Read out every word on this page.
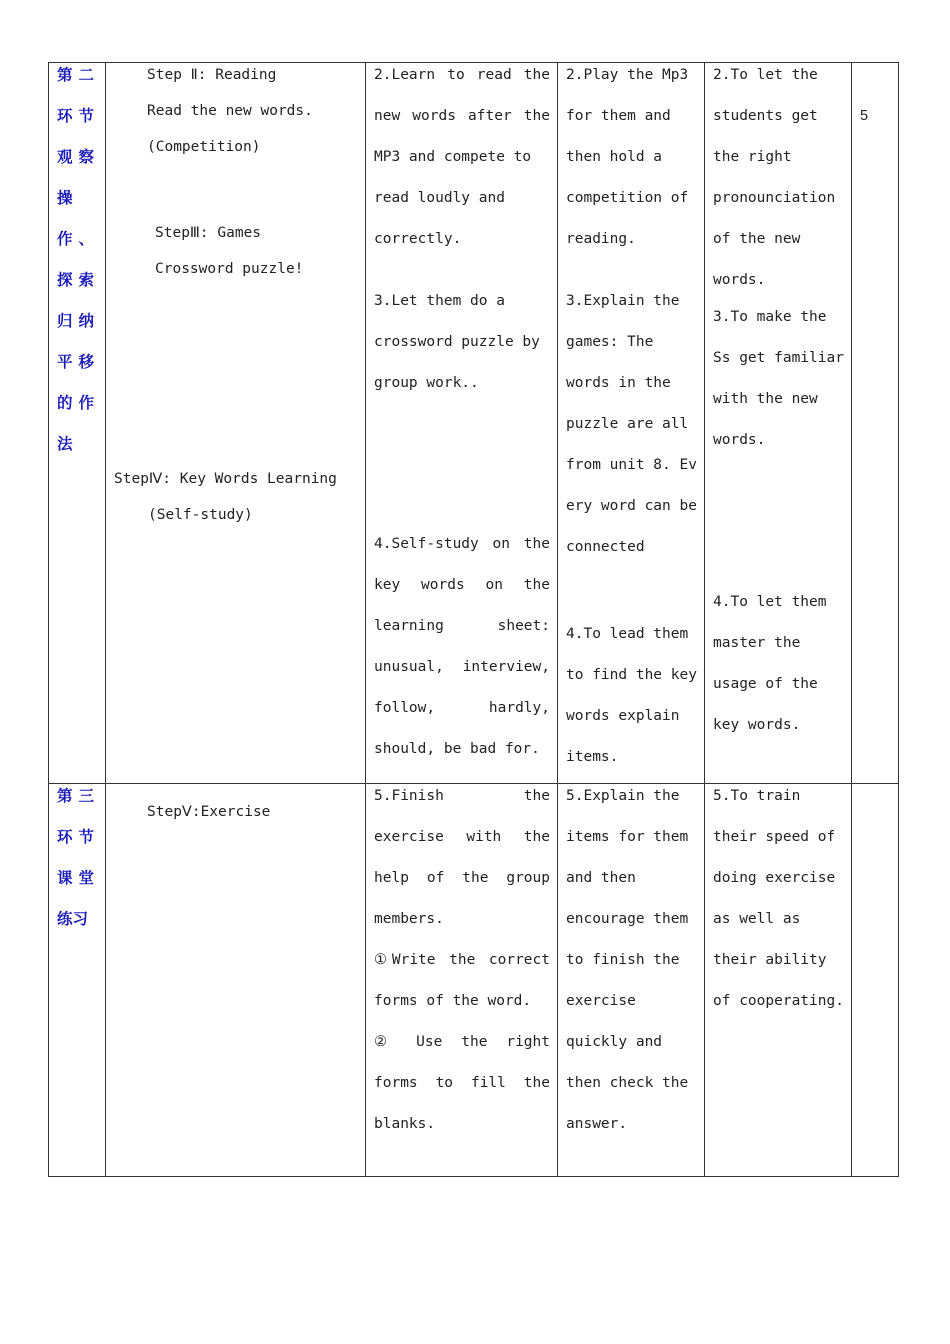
第 二
环 节
观 察
操
作 、
探 索
归 纳
平 移
的 作
法

Step Ⅱ: Reading

Read the new words.

(Competition)

StepⅢ: Games

Crossword puzzle!

StepⅣ: Key Words Learning

(Self-study)

2.Learn to read the

new words after the

MP3 and compete to

read loudly and

correctly.

3.Let them do a

crossword puzzle by

group work..

4.Self-study on the

key words on the

learning sheet:

unusual, interview,

follow, hardly,

should, be bad for.

2.Play the Mp3

for them and

then hold a

competition of

reading.

3.Explain the

games: The

words in the

puzzle are all

from unit 8. Ev

ery word can be

connected

4.To lead them

to find the key

words explain

items.

2.To let the

students get

the right

pronounciation

of the new

words.

3.To make the

Ss get familiar

with the new

words.

4.To let them

master the

usage of the

key words.

5

第 三
环 节
课 堂
练习

StepⅤ:Exercise

5.Finish the

exercise with the

help of the group

members.

①Write the correct

forms of the word.

② Use the right

forms to fill the

blanks.

5.Explain the

items for them

and then

encourage them

to finish the

exercise

quickly and

then check the

answer.

5.To train

their speed of

doing exercise

as well as

their ability

of cooperating.
